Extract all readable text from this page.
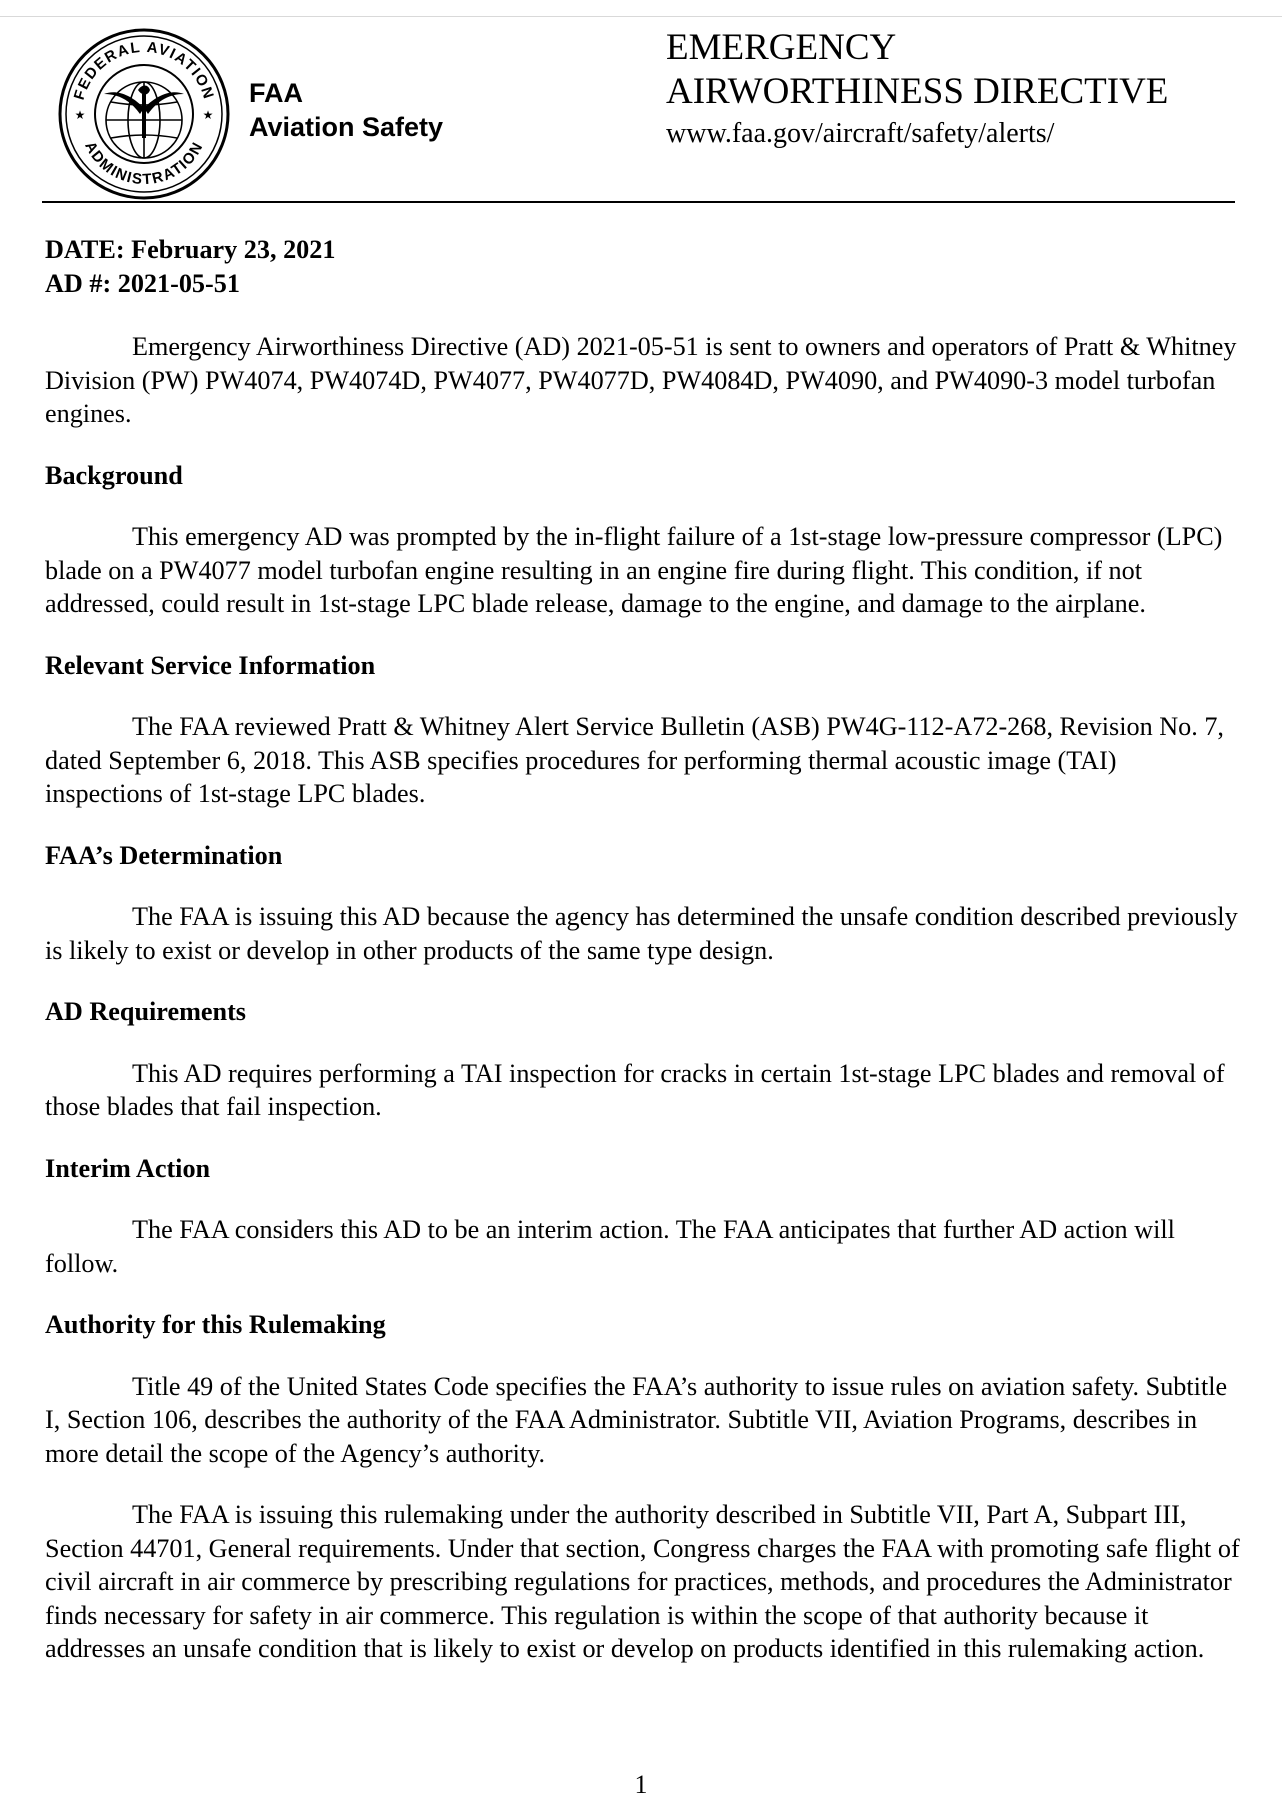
FEDERAL AVIATION
ADMINISTRATION
★	★
FAA
Aviation Safety
EMERGENCY
AIRWORTHINESS DIRECTIVE
www.faa.gov/aircraft/safety/alerts/
DATE: February 23, 2021
AD #: 2021-05-51

Emergency Airworthiness Directive (AD) 2021-05-51 is sent to owners and operators of Pratt & Whitney Division (PW) PW4074, PW4074D, PW4077, PW4077D, PW4084D, PW4090, and PW4090-3 model turbofan engines.

Background

This emergency AD was prompted by the in-flight failure of a 1st-stage low-pressure compressor (LPC) blade on a PW4077 model turbofan engine resulting in an engine fire during flight. This condition, if not addressed, could result in 1st-stage LPC blade release, damage to the engine, and damage to the airplane.

Relevant Service Information

The FAA reviewed Pratt & Whitney Alert Service Bulletin (ASB) PW4G-112-A72-268, Revision No. 7, dated September 6, 2018. This ASB specifies procedures for performing thermal acoustic image (TAI) inspections of 1st-stage LPC blades.

FAA’s Determination

The FAA is issuing this AD because the agency has determined the unsafe condition described previously is likely to exist or develop in other products of the same type design.

AD Requirements

This AD requires performing a TAI inspection for cracks in certain 1st-stage LPC blades and removal of those blades that fail inspection.

Interim Action

The FAA considers this AD to be an interim action. The FAA anticipates that further AD action will follow.

Authority for this Rulemaking

Title 49 of the United States Code specifies the FAA’s authority to issue rules on aviation safety. Subtitle I, Section 106, describes the authority of the FAA Administrator. Subtitle VII, Aviation Programs, describes in more detail the scope of the Agency’s authority.

The FAA is issuing this rulemaking under the authority described in Subtitle VII, Part A, Subpart III, Section 44701, General requirements. Under that section, Congress charges the FAA with promoting safe flight of civil aircraft in air commerce by prescribing regulations for practices, methods, and procedures the Administrator finds necessary for safety in air commerce. This regulation is within the scope of that authority because it addresses an unsafe condition that is likely to exist or develop on products identified in this rulemaking action.

1
